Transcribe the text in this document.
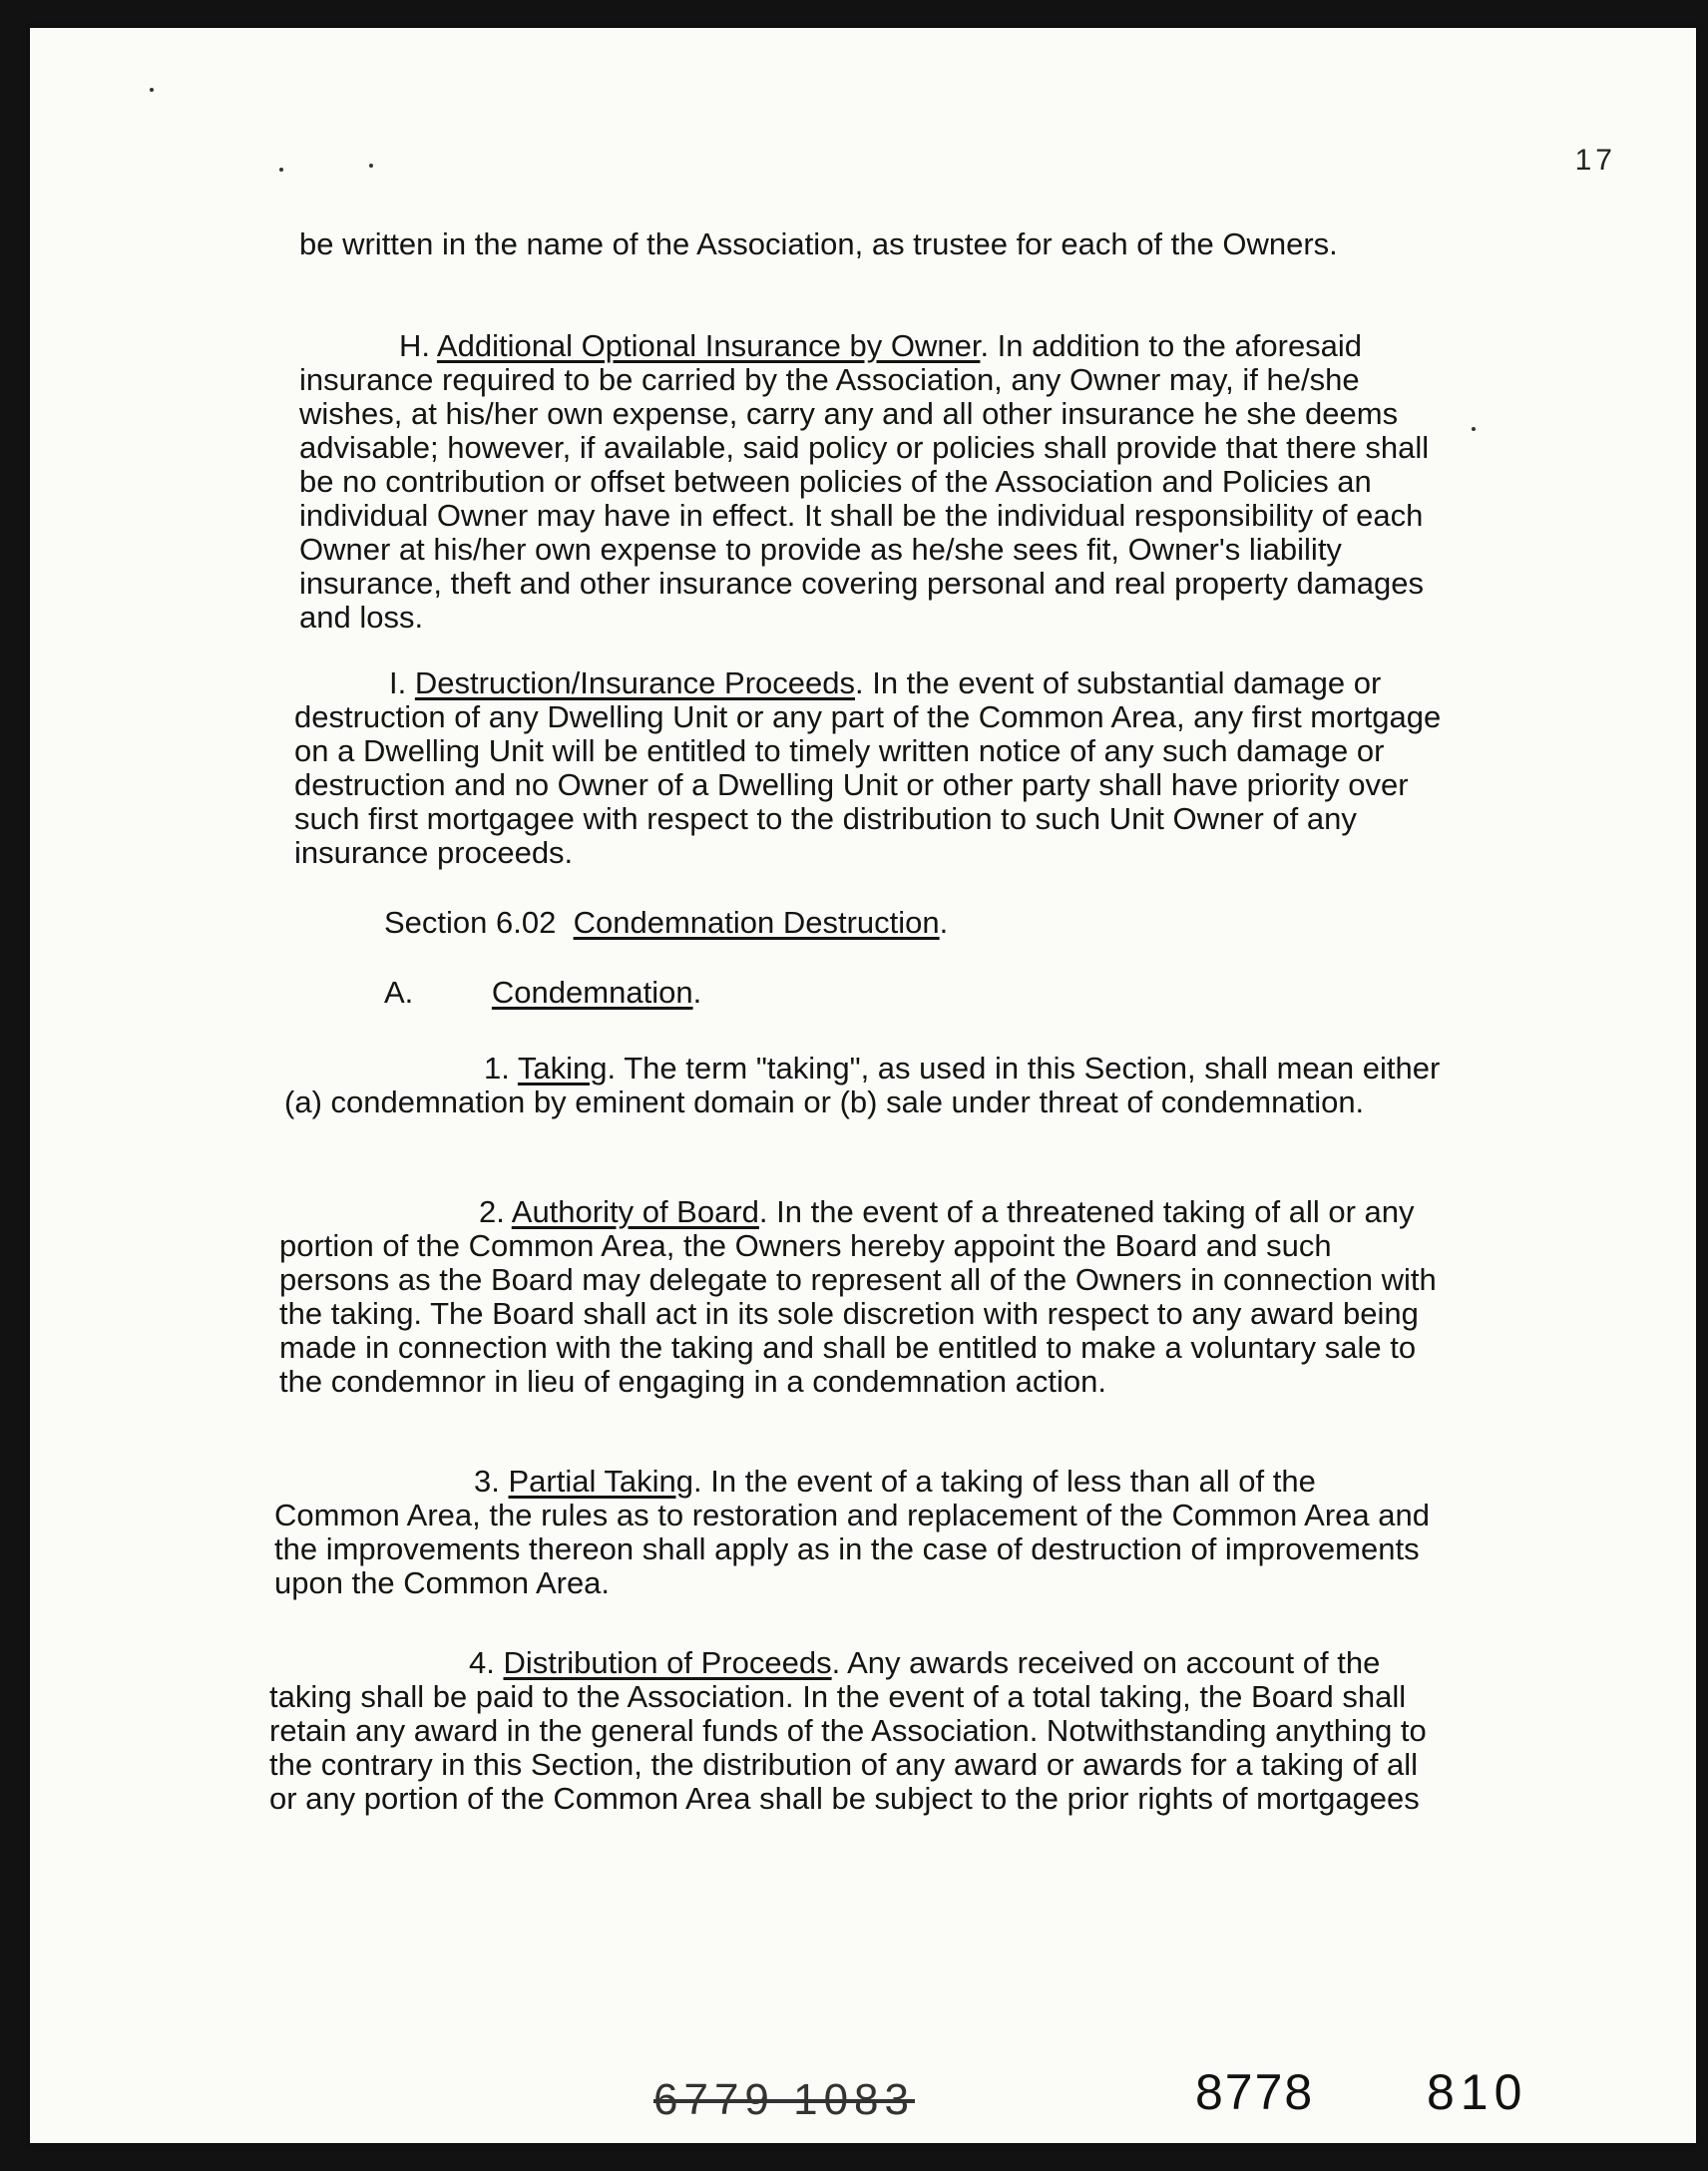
17

be written in the name of the Association, as trustee for each of the Owners.

H. Additional Optional Insurance by Owner. In addition to the aforesaid insurance required to be carried by the Association, any Owner may, if he/she wishes, at his/her own expense, carry any and all other insurance he she deems advisable; however, if available, said policy or policies shall provide that there shall be no contribution or offset between policies of the Association and Policies an individual Owner may have in effect. It shall be the individual responsibility of each Owner at his/her own expense to provide as he/she sees fit, Owner's liability insurance, theft and other insurance covering personal and real property damages and loss.

I. Destruction/Insurance Proceeds. In the event of substantial damage or destruction of any Dwelling Unit or any part of the Common Area, any first mortgage on a Dwelling Unit will be entitled to timely written notice of any such damage or destruction and no Owner of a Dwelling Unit or other party shall have priority over such first mortgagee with respect to the distribution to such Unit Owner of any insurance proceeds.

Section 6.02 Condemnation Destruction.

A.	Condemnation.

1. Taking. The term "taking", as used in this Section, shall mean either (a) condemnation by eminent domain or (b) sale under threat of condemnation.

2. Authority of Board. In the event of a threatened taking of all or any portion of the Common Area, the Owners hereby appoint the Board and such persons as the Board may delegate to represent all of the Owners in connection with the taking. The Board shall act in its sole discretion with respect to any award being made in connection with the taking and shall be entitled to make a voluntary sale to the condemnor in lieu of engaging in a condemnation action.

3. Partial Taking. In the event of a taking of less than all of the Common Area, the rules as to restoration and replacement of the Common Area and the improvements thereon shall apply as in the case of destruction of improvements upon the Common Area.

4. Distribution of Proceeds. Any awards received on account of the taking shall be paid to the Association. In the event of a total taking, the Board shall retain any award in the general funds of the Association. Notwithstanding anything to the contrary in this Section, the distribution of any award or awards for a taking of all or any portion of the Common Area shall be subject to the prior rights of mortgagees

6779 1083	8778 810
